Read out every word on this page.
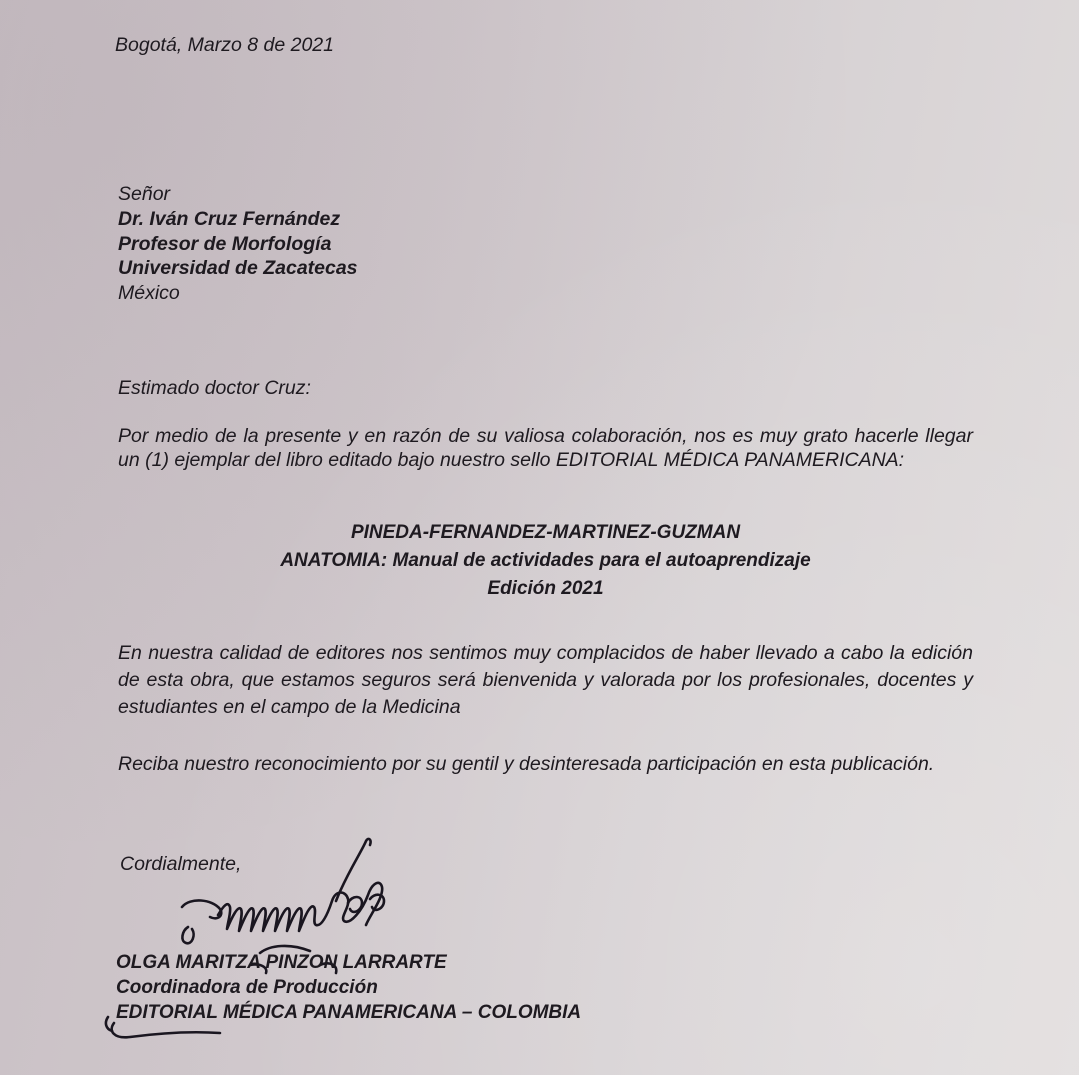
Bogotá, Marzo 8 de 2021
Señor
Dr. Iván Cruz Fernández
Profesor de Morfología
Universidad de Zacatecas
México
Estimado doctor Cruz:
Por medio de la presente y en razón de su valiosa colaboración, nos es muy grato hacerle llegar un (1) ejemplar del libro editado bajo nuestro sello EDITORIAL MÉDICA PANAMERICANA:
PINEDA-FERNANDEZ-MARTINEZ-GUZMAN
ANATOMIA: Manual de actividades para el autoaprendizaje
Edición 2021
En nuestra calidad de editores nos sentimos muy complacidos de haber llevado a cabo la edición de esta obra, que estamos seguros será bienvenida y valorada por los profesionales, docentes y estudiantes en el campo de la Medicina
Reciba nuestro reconocimiento por su gentil y desinteresada participación en esta publicación.
Cordialmente,
OLGA MARITZA PINZON LARRARTE
Coordinadora de Producción
EDITORIAL MÉDICA PANAMERICANA – COLOMBIA
